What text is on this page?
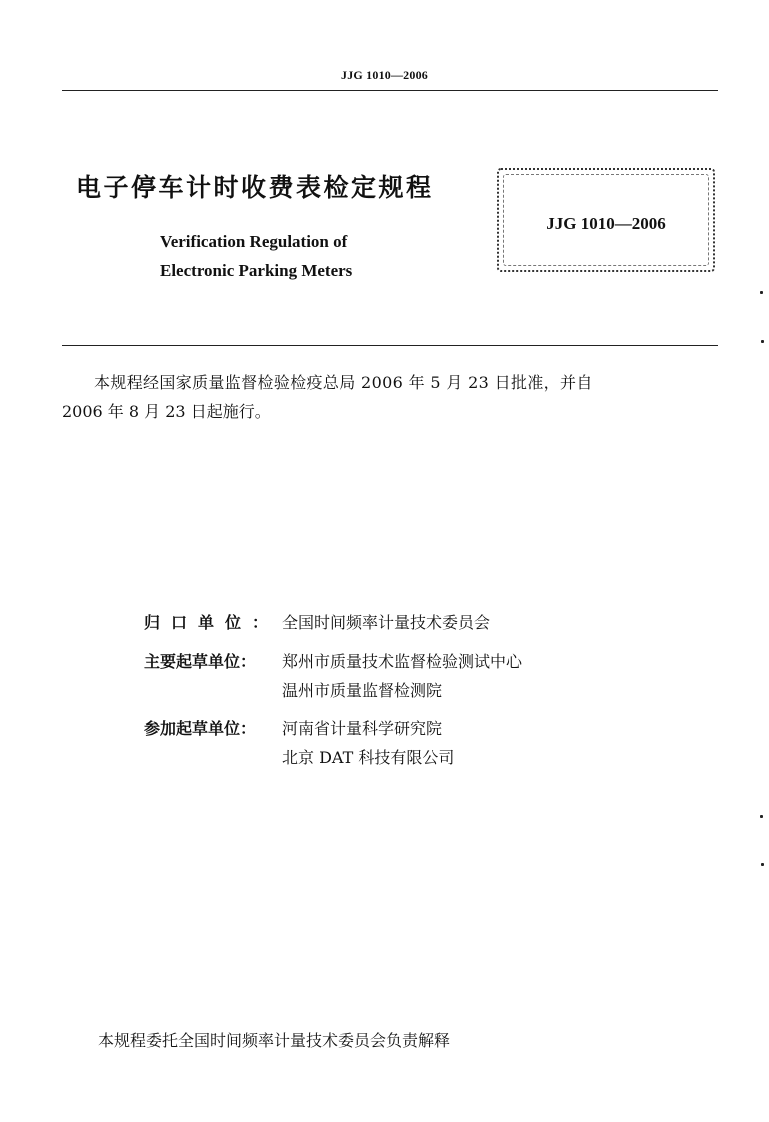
JJG 1010—2006
电子停车计时收费表检定规程
Verification Regulation of
Electronic Parking Meters
JJG 1010—2006
本规程经国家质量监督检验检疫总局 2006 年 5 月 23 日批准，并自
2006 年 8 月 23 日起施行。
归口单位： 全国时间频率计量技术委员会
主要起草单位：	郑州市质量技术监督检验测试中心
温州市质量监督检测院
参加起草单位：	河南省计量科学研究院
北京 DAT 科技有限公司
本规程委托全国时间频率计量技术委员会负责解释
